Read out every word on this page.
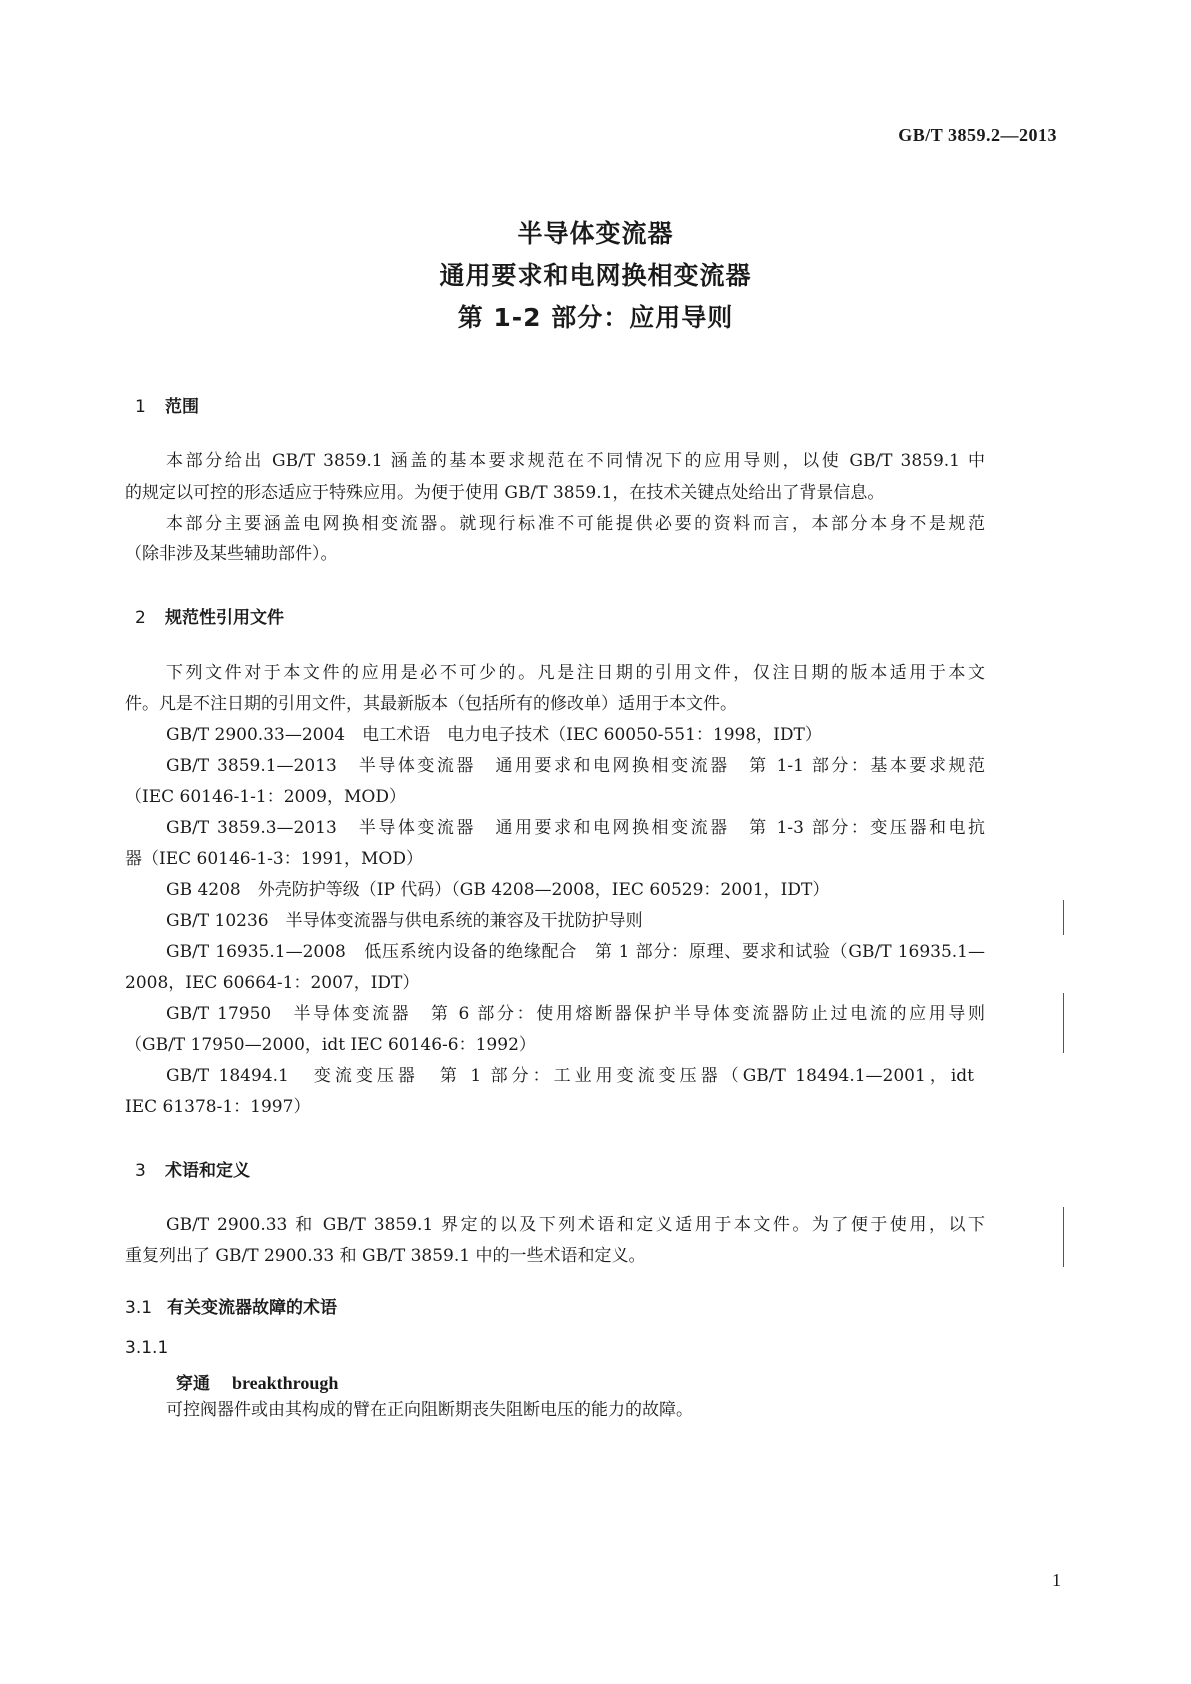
GB/T 3859.2—2013
半导体变流器
通用要求和电网换相变流器
第 1-2 部分：应用导则
1 范围
本部分给出 GB/T 3859.1 涵盖的基本要求规范在不同情况下的应用导则，以使 GB/T 3859.1 中
的规定以可控的形态适应于特殊应用。为便于使用 GB/T 3859.1，在技术关键点处给出了背景信息。
本部分主要涵盖电网换相变流器。就现行标准不可能提供必要的资料而言，本部分本身不是规范
（除非涉及某些辅助部件）。
2 规范性引用文件
下列文件对于本文件的应用是必不可少的。凡是注日期的引用文件，仅注日期的版本适用于本文
件。凡是不注日期的引用文件，其最新版本（包括所有的修改单）适用于本文件。
GB/T 2900.33—2004　电工术语　电力电子技术（IEC 60050-551：1998，IDT）
GB/T 3859.1—2013　半导体变流器　通用要求和电网换相变流器　第 1-1 部分：基本要求规范
（IEC 60146-1-1：2009，MOD）
GB/T 3859.3—2013　半导体变流器　通用要求和电网换相变流器　第 1-3 部分：变压器和电抗
器（IEC 60146-1-3：1991，MOD）
GB 4208　外壳防护等级（IP 代码）（GB 4208—2008，IEC 60529：2001，IDT）
GB/T 10236　半导体变流器与供电系统的兼容及干扰防护导则
GB/T 16935.1—2008　低压系统内设备的绝缘配合　第 1 部分：原理、要求和试验（GB/T 16935.1—
2008，IEC 60664-1：2007，IDT）
GB/T 17950　半导体变流器　第 6 部分：使用熔断器保护半导体变流器防止过电流的应用导则
（GB/T 17950—2000，idt IEC 60146-6：1992）
GB/T 18494.1　变流变压器　第 1 部分：工业用变流变压器（GB/T 18494.1—2001，idt
IEC 61378-1：1997）
3 术语和定义
GB/T 2900.33 和 GB/T 3859.1 界定的以及下列术语和定义适用于本文件。为了便于使用，以下
重复列出了 GB/T 2900.33 和 GB/T 3859.1 中的一些术语和定义。
3.1 有关变流器故障的术语
3.1.1
穿通 breakthrough
可控阀器件或由其构成的臂在正向阻断期丧失阻断电压的能力的故障。
1
